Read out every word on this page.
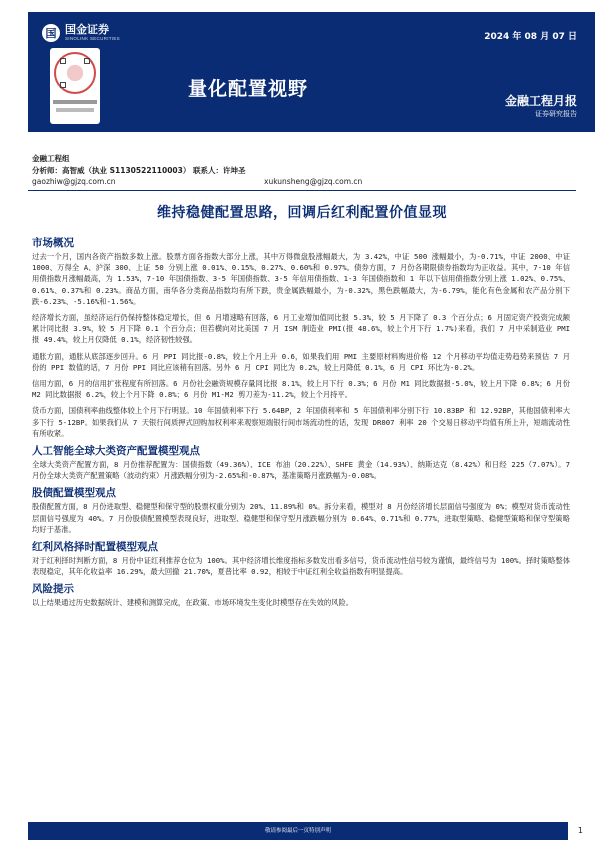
国 国金证券
SINOLINK SECURITIES	2024 年 08 月 07 日
量化配置视野
金融工程月报
证券研究报告
金融工程组
分析师：高智威（执业 S1130522110003） 联系人：许坤圣
gaozhiw@gjzq.com.cn	xukunsheng@gjzq.com.cn
维持稳健配置思路，回调后红利配置价值显现
市场概况

过去一个月，国内各资产指数多数上涨。股票方面各指数大部分上涨，其中万得微盘股涨幅最大，为 3.42%，中证 500 涨幅最小，为-0.71%，中证 2000、中证 1000、万得全 A、沪深 300、上证 50 分别上涨 0.01%、0.15%、0.27%、0.60%和 0.97%。债券方面，7 月份各期限债券指数均为正收益。其中，7-10 年信用债指数月涨幅最高，为 1.53%，7-10 年国债指数、3-5 年国债指数、3-5 年信用债指数、1-3 年国债指数和 1 年以下信用债指数分别上涨 1.02%、0.75%、0.61%、0.37%和 0.23%。商品方面，南华各分类商品指数均有所下跌，贵金属跌幅最小，为-0.32%，黑色跌幅最大，为-6.79%，能化有色金属和农产品分别下跌-6.23%、-5.16%和-1.56%。

经济增长方面，虽经济运行仍保持整体稳定增长，但 6 月增速略有回落，6 月工业增加值同比报 5.3%，较 5 月下降了 0.3 个百分点；6 月固定资产投资完成额累计同比报 3.9%，较 5 月下降 0.1 个百分点；但若横向对比美国 7 月 ISM 制造业 PMI(报 48.6%，较上个月下行 1.7%)来看，我们 7 月中采制造业 PMI 报 49.4%，较上月仅降低 0.1%，经济韧性较强。

通胀方面，通胀从底部逐步回升。6 月 PPI 同比报-0.8%，较上个月上升 0.6，如果我们用 PMI 主要原材料购进价格 12 个月移动平均值走势趋势来预估 7 月份的 PPI 数值的话，7 月份 PPI 同比应该稍有回落。另外 6 月 CPI 同比为 0.2%，较上月降低 0.1%，6 月 CPI 环比为-0.2%。

信用方面，6 月的信用扩张程度有所回落。6 月份社会融资规模存量同比报 8.1%，较上月下行 0.3%；6 月份 M1 同比数据报-5.0%，较上月下降 0.8%；6 月份 M2 同比数据报 6.2%，较上个月下降 0.8%；6 月份 M1-M2 剪刀差为-11.2%，较上个月持平。

货币方面，国债利率曲线整体较上个月下行明显。10 年国债利率下行 5.64BP，2 年国债利率和 5 年国债利率分别下行 10.83BP 和 12.92BP，其他国债利率大多下行 5-12BP。如果我们从 7 天银行间质押式回购加权利率来观察短端银行间市场流动性的话，发现 DR007 利率 20 个交易日移动平均值有所上升，短端流动性有所收紧。

人工智能全球大类资产配置模型观点

全球大类资产配置方面，8 月份推荐配置为：国债指数（49.36%）、ICE 布油（20.22%）、SHFE 黄金（14.93%）、纳斯达克（8.42%）和日经 225（7.07%）。7 月份全球大类资产配置策略（波动约束）月涨跌幅分别为-2.65%和-0.87%，基准策略月涨跌幅为-0.08%。

股债配置模型观点

股债配置方面，8 月份进取型、稳健型和保守型的股票权重分别为 20%、11.89%和 0%。拆分来看，模型对 8 月份经济增长层面信号强度为 0%；模型对货币流动性层面信号强度为 40%。7 月份股债配置模型表现良好，进取型、稳健型和保守型月涨跌幅分别为 0.64%、0.71%和 0.77%，进取型策略、稳健型策略和保守型策略均好于基准。

红利风格择时配置模型观点

对于红利择时判断方面，8 月份中证红利推荐仓位为 100%。其中经济增长维度指标多数发出看多信号，货币流动性信号较为谨慎，最终信号为 100%。择时策略整体表现稳定，其年化收益率 16.29%，最大回撤 21.70%，夏普比率 0.92，相较于中证红利全收益指数有明显提高。

风险提示

以上结果通过历史数据统计、建模和测算完成，在政策、市场环境发生变化时模型存在失效的风险。

敬请参阅最后一页特别声明	1
